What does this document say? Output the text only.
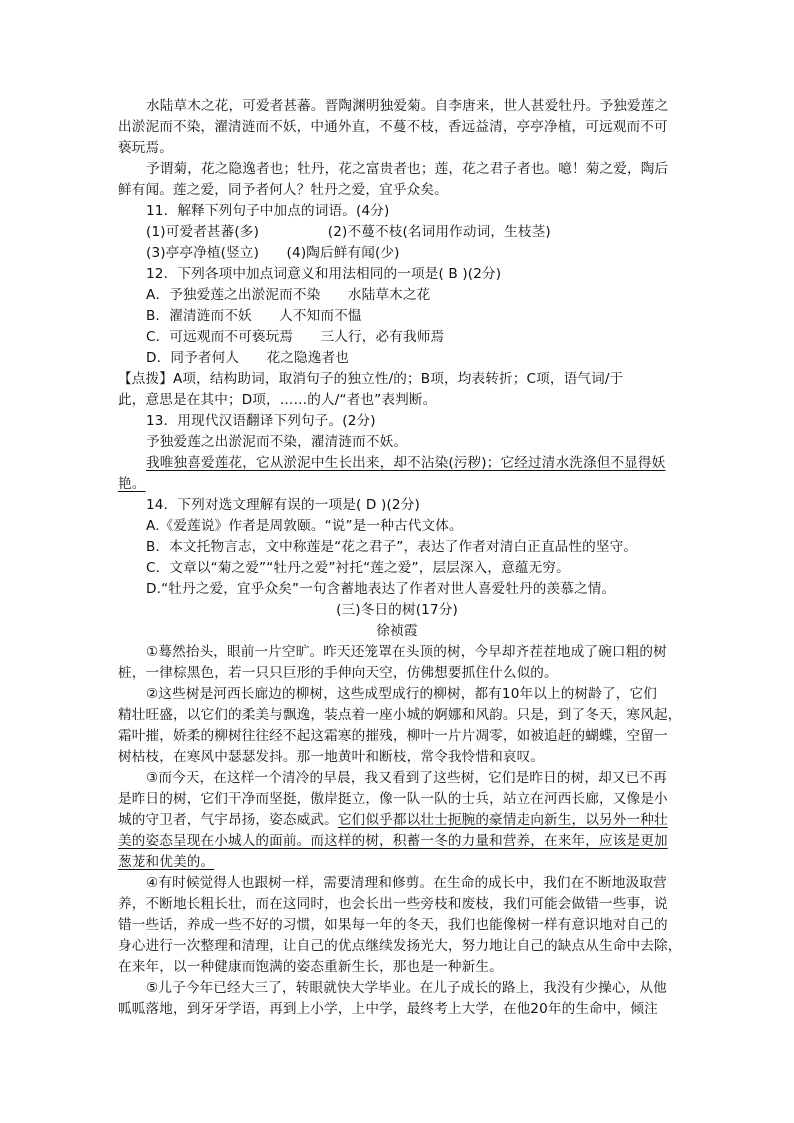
水陆草木之花，可爱者甚蕃。晋陶渊明独爱菊。自李唐来，世人甚爱牡丹。予独爱莲之
出淤泥而不染，濯清涟而不妖，中通外直，不蔓不枝，香远益清，亭亭净植，可远观而不可
亵玩焉。
予谓菊，花之隐逸者也；牡丹，花之富贵者也；莲，花之君子者也。噫！菊之爱，陶后
鲜有闻。莲之爱，同予者何人？牡丹之爱，宜乎众矣。
11．解释下列句子中加点的词语。(4分)
(1)可爱者甚蕃(多)　　　　　(2)不蔓不枝(名词用作动词，生枝茎)
(3)亭亭净植(竖立)　　(4)陶后鲜有闻(少)
12．下列各项中加点词意义和用法相同的一项是( B )(2分)
A．予独爱莲之出淤泥而不染　　水陆草木之花
B．濯清涟而不妖　　人不知而不愠
C．可远观而不可亵玩焉　　三人行，必有我师焉
D．同予者何人　　花之隐逸者也
【点拨】A项，结构助词，取消句子的独立性/的；B项，均表转折；C项，语气词/于
此，意思是在其中；D项，……的人/“者也”表判断。
13．用现代汉语翻译下列句子。(2分)
予独爱莲之出淤泥而不染，濯清涟而不妖。
我唯独喜爱莲花，它从淤泥中生长出来，却不沾染(污秽)；它经过清水洗涤但不显得妖
艳。
14．下列对选文理解有误的一项是( D )(2分)
A.《爱莲说》作者是周敦颐。“说”是一种古代文体。
B．本文托物言志，文中称莲是“花之君子”，表达了作者对清白正直品性的坚守。
C．文章以“菊之爱”“牡丹之爱”衬托“莲之爱”，层层深入，意蕴无穷。
D.“牡丹之爱，宜乎众矣”一句含蓄地表达了作者对世人喜爱牡丹的羡慕之情。
(三)冬日的树(17分)
徐祯霞
①蓦然抬头，眼前一片空旷。昨天还笼罩在头顶的树，今早却齐茬茬地成了碗口粗的树
桩，一律棕黑色，若一只只巨形的手伸向天空，仿佛想要抓住什么似的。
②这些树是河西长廊边的柳树，这些成型成行的柳树，都有10年以上的树龄了，它们
精壮旺盛，以它们的柔美与飘逸，装点着一座小城的婀娜和风韵。只是，到了冬天，寒风起，
霜叶摧，娇柔的柳树往往经不起这霜寒的摧残，柳叶一片片凋零，如被追赶的蝴蝶，空留一
树枯枝，在寒风中瑟瑟发抖。那一地黄叶和断枝，常令我怜惜和哀叹。
③而今天，在这样一个清冷的早晨，我又看到了这些树，它们是昨日的树，却又已不再
是昨日的树，它们干净而坚挺，傲岸挺立，像一队一队的士兵，站立在河西长廊，又像是小
城的守卫者，气宇昂扬，姿态威武。它们似乎都以壮士扼腕的豪情走向新生，以另外一种壮
美的姿态呈现在小城人的面前。而这样的树，积蓄一冬的力量和营养，在来年，应该是更加
葱茏和优美的。
④有时候觉得人也跟树一样，需要清理和修剪。在生命的成长中，我们在不断地汲取营
养，不断地长粗长壮，而在这同时，也会长出一些旁枝和废枝，我们可能会做错一些事，说
错一些话，养成一些不好的习惯，如果每一年的冬天，我们也能像树一样有意识地对自己的
身心进行一次整理和清理，让自己的优点继续发扬光大，努力地让自己的缺点从生命中去除，
在来年，以一种健康而饱满的姿态重新生长，那也是一种新生。
⑤儿子今年已经大三了，转眼就快大学毕业。在儿子成长的路上，我没有少操心，从他
呱呱落地，到牙牙学语，再到上小学，上中学，最终考上大学，在他20年的生命中，倾注
